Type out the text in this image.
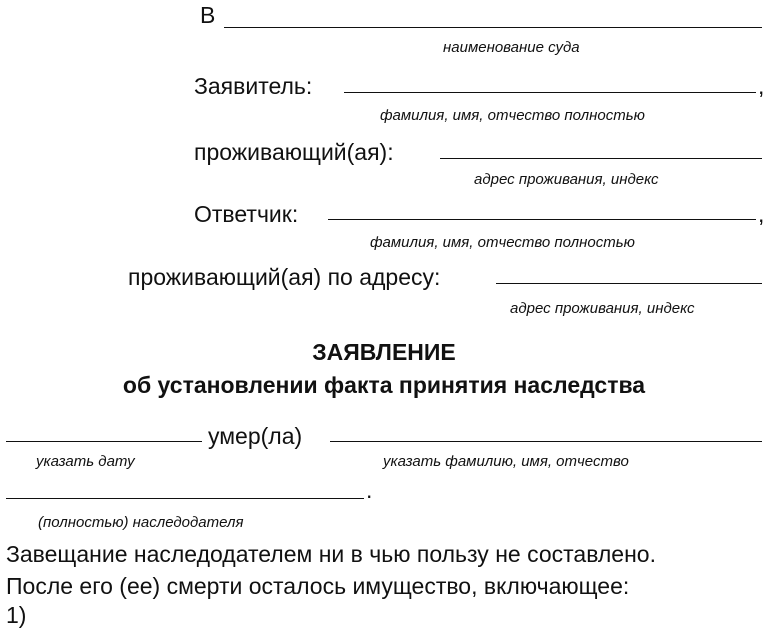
В
наименование суда
Заявитель:	,
фамилия, имя, отчество полностью
проживающий(ая):
адрес проживания, индекс
Ответчик:	,
фамилия, имя, отчество полностью
проживающий(ая) по адресу:
адрес проживания, индекс
ЗАЯВЛЕНИЕ
об установлении факта принятия наследства
умер(ла)
указать дату	указать фамилию, имя, отчество
.
(полностью) наследодателя
Завещание наследодателем ни в чью пользу не составлено.
После его (ее) смерти осталось имущество, включающее:
1)
